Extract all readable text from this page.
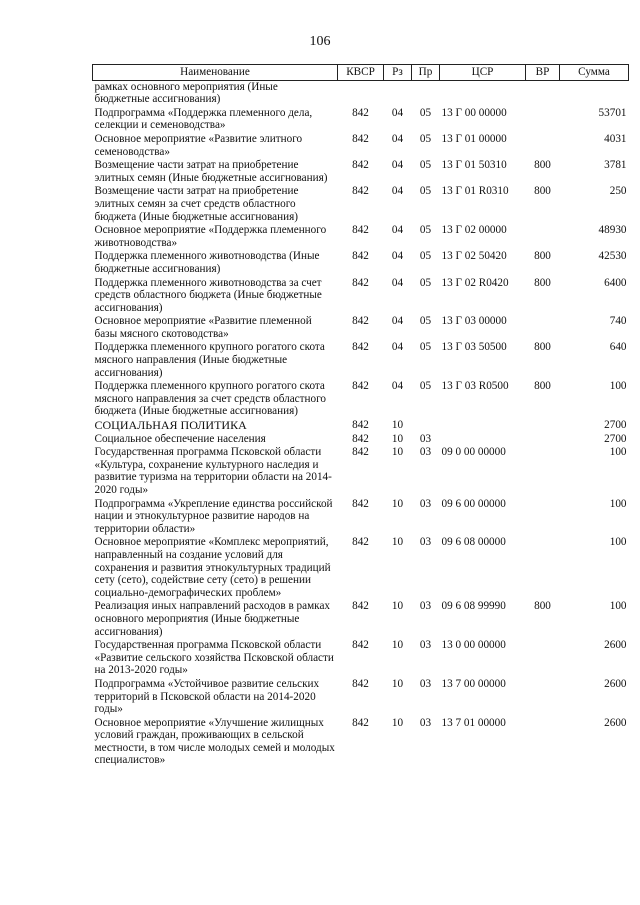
106
Наименование	КВСР	Рз	Пр	ЦСР	ВР	Сумма
рамках основного мероприятия (Иные бюджетные ассигнования)						
Подпрограмма «Поддержка племенного дела, селекции и семеноводства»	842	04	05	13 Г 00 00000		53701
Основное мероприятие «Развитие элитного семеноводства»	842	04	05	13 Г 01 00000		4031
Возмещение части затрат на приобретение элитных семян (Иные бюджетные ассигнования)	842	04	05	13 Г 01 50310	800	3781
Возмещение части затрат на приобретение элитных семян за счет средств областного бюджета (Иные бюджетные ассигнования)	842	04	05	13 Г 01 R0310	800	250
Основное мероприятие «Поддержка племенного животноводства»	842	04	05	13 Г 02 00000		48930
Поддержка племенного животноводства (Иные бюджетные ассигнования)	842	04	05	13 Г 02 50420	800	42530
Поддержка племенного животноводства за счет средств областного бюджета (Иные бюджетные ассигнования)	842	04	05	13 Г 02 R0420	800	6400
Основное мероприятие «Развитие племенной базы мясного скотоводства»	842	04	05	13 Г 03 00000		740
Поддержка племенного крупного рогатого скота мясного направления (Иные бюджетные ассигнования)	842	04	05	13 Г 03 50500	800	640
Поддержка племенного крупного рогатого скота мясного направления за счет средств областного бюджета (Иные бюджетные ассигнования)	842	04	05	13 Г 03 R0500	800	100
СОЦИАЛЬНАЯ ПОЛИТИКА	842	10				2700
Социальное обеспечение населения	842	10	03			2700
Государственная программа Псковской области «Культура, сохранение культурного наследия и развитие туризма на территории области на 2014-2020 годы»	842	10	03	09 0 00 00000		100
Подпрограмма «Укрепление единства российской нации и этнокультурное развитие народов на территории области»	842	10	03	09 6 00 00000		100
Основное мероприятие «Комплекс мероприятий, направленный на создание условий для сохранения и развития этнокультурных традиций сету (сето), содействие сету (сето) в решении социально-демографических проблем»	842	10	03	09 6 08 00000		100
Реализация иных направлений расходов в рамках основного мероприятия (Иные бюджетные ассигнования)	842	10	03	09 6 08 99990	800	100
Государственная программа Псковской области «Развитие сельского хозяйства Псковской области на 2013-2020 годы»	842	10	03	13 0 00 00000		2600
Подпрограмма «Устойчивое развитие сельских территорий в Псковской области на 2014-2020 годы»	842	10	03	13 7 00 00000		2600
Основное мероприятие «Улучшение жилищных условий граждан, проживающих в сельской местности, в том числе молодых семей и молодых специалистов»	842	10	03	13 7 01 00000		2600
